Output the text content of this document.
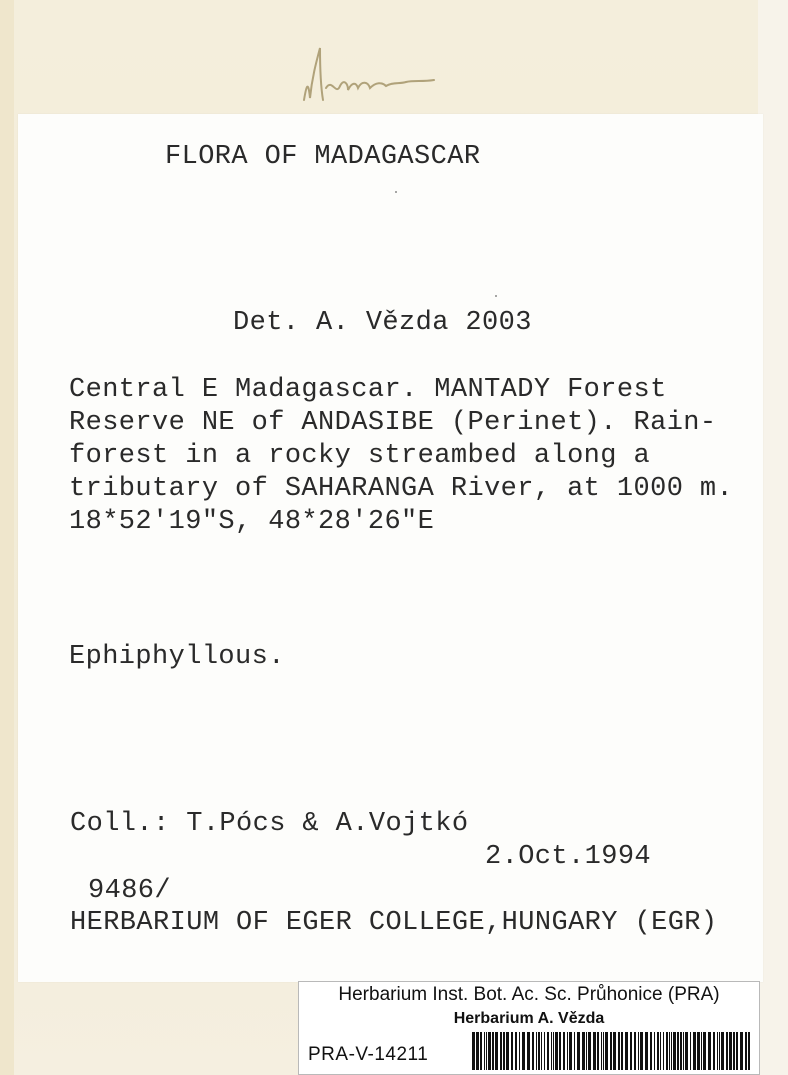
FLORA OF MADAGASCAR
Det. A. Vězda 2003
Central E Madagascar. MANTADY Forest
Reserve NE of ANDASIBE (Perinet). Rain-
forest in a rocky streambed along a
tributary of SAHARANGA River, at 1000 m.
18*52'19"S, 48*28'26"E
Ephiphyllous.
Coll.: T.Pócs & A.Vojtkó
2.Oct.1994
9486/
HERBARIUM OF EGER COLLEGE,HUNGARY (EGR)
Herbarium Inst. Bot. Ac. Sc. Průhonice (PRA)
Herbarium A. Vězda
PRA-V-14211
